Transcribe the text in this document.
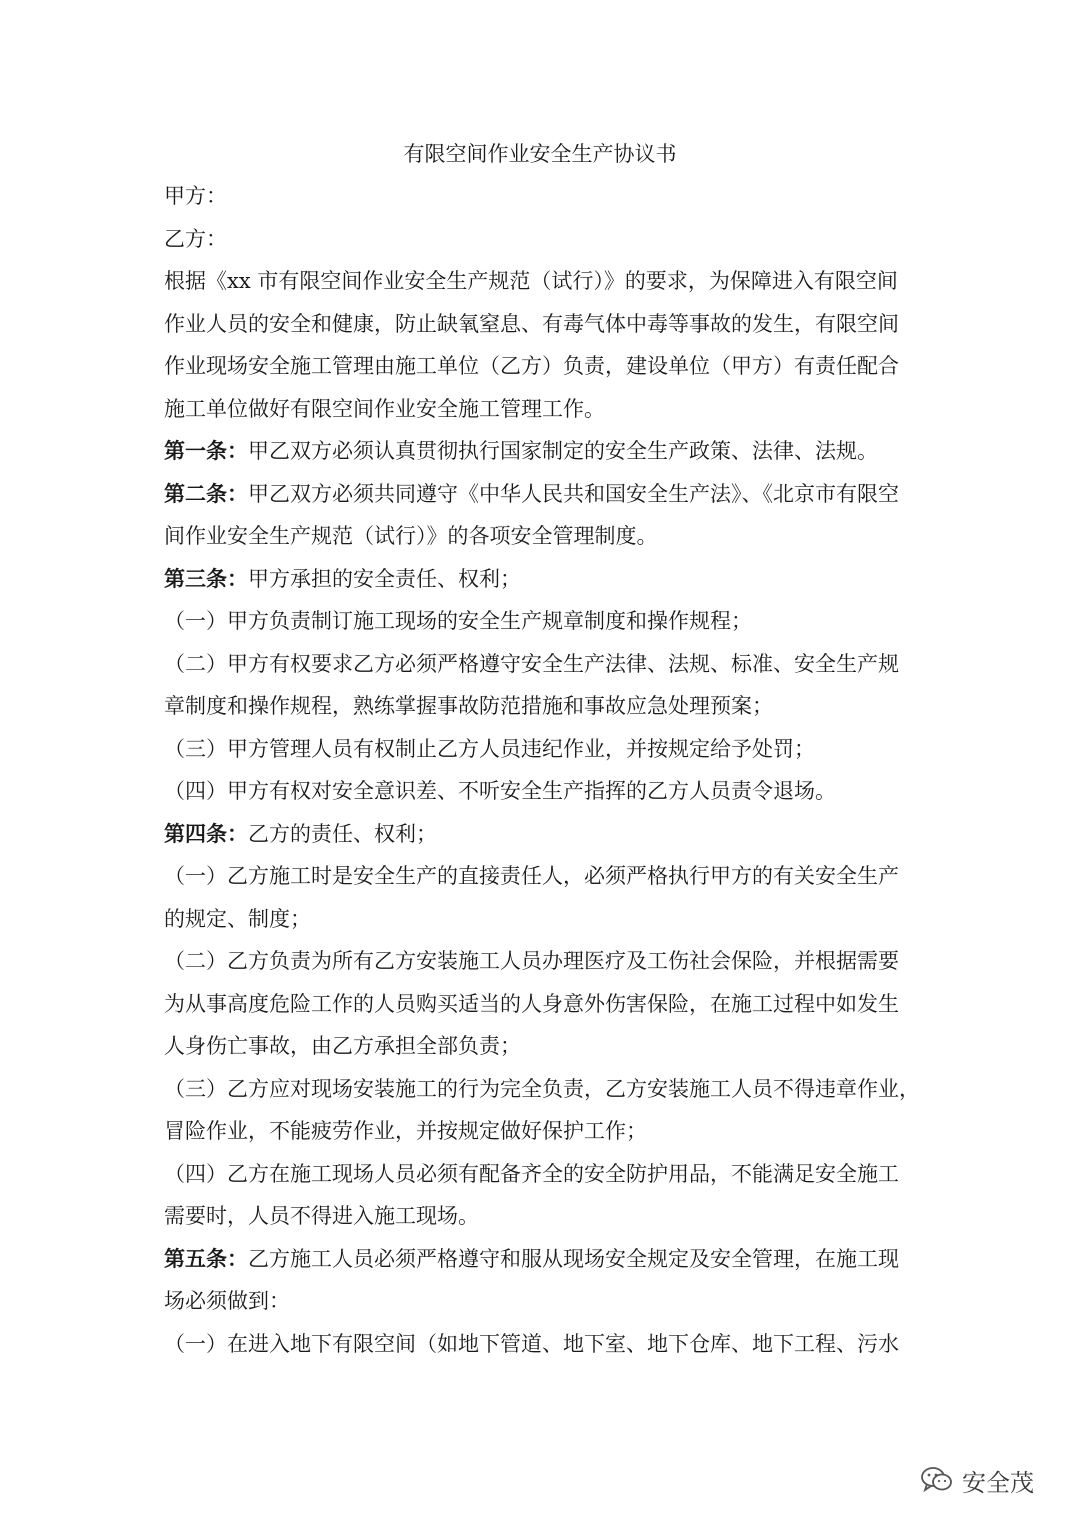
有限空间作业安全生产协议书
甲方：
乙方：
根据《xx 市有限空间作业安全生产规范（试行）》的要求，为保障进入有限空间
作业人员的安全和健康，防止缺氧窒息、有毒气体中毒等事故的发生，有限空间
作业现场安全施工管理由施工单位（乙方）负责，建设单位（甲方）有责任配合
施工单位做好有限空间作业安全施工管理工作。
第一条：甲乙双方必须认真贯彻执行国家制定的安全生产政策、法律、法规。
第二条：甲乙双方必须共同遵守《中华人民共和国安全生产法》、《北京市有限空
间作业安全生产规范（试行）》的各项安全管理制度。
第三条：甲方承担的安全责任、权利；
（一）甲方负责制订施工现场的安全生产规章制度和操作规程；
（二）甲方有权要求乙方必须严格遵守安全生产法律、法规、标准、安全生产规
章制度和操作规程，熟练掌握事故防范措施和事故应急处理预案；
（三）甲方管理人员有权制止乙方人员违纪作业，并按规定给予处罚；
（四）甲方有权对安全意识差、不听安全生产指挥的乙方人员责令退场。
第四条：乙方的责任、权利；
（一）乙方施工时是安全生产的直接责任人，必须严格执行甲方的有关安全生产
的规定、制度；
（二）乙方负责为所有乙方安装施工人员办理医疗及工伤社会保险，并根据需要
为从事高度危险工作的人员购买适当的人身意外伤害保险，在施工过程中如发生
人身伤亡事故，由乙方承担全部负责；
（三）乙方应对现场安装施工的行为完全负责，乙方安装施工人员不得违章作业，
冒险作业，不能疲劳作业，并按规定做好保护工作；
（四）乙方在施工现场人员必须有配备齐全的安全防护用品，不能满足安全施工
需要时，人员不得进入施工现场。
第五条：乙方施工人员必须严格遵守和服从现场安全规定及安全管理，在施工现
场必须做到：
（一）在进入地下有限空间（如地下管道、地下室、地下仓库、地下工程、污水
安全茂
